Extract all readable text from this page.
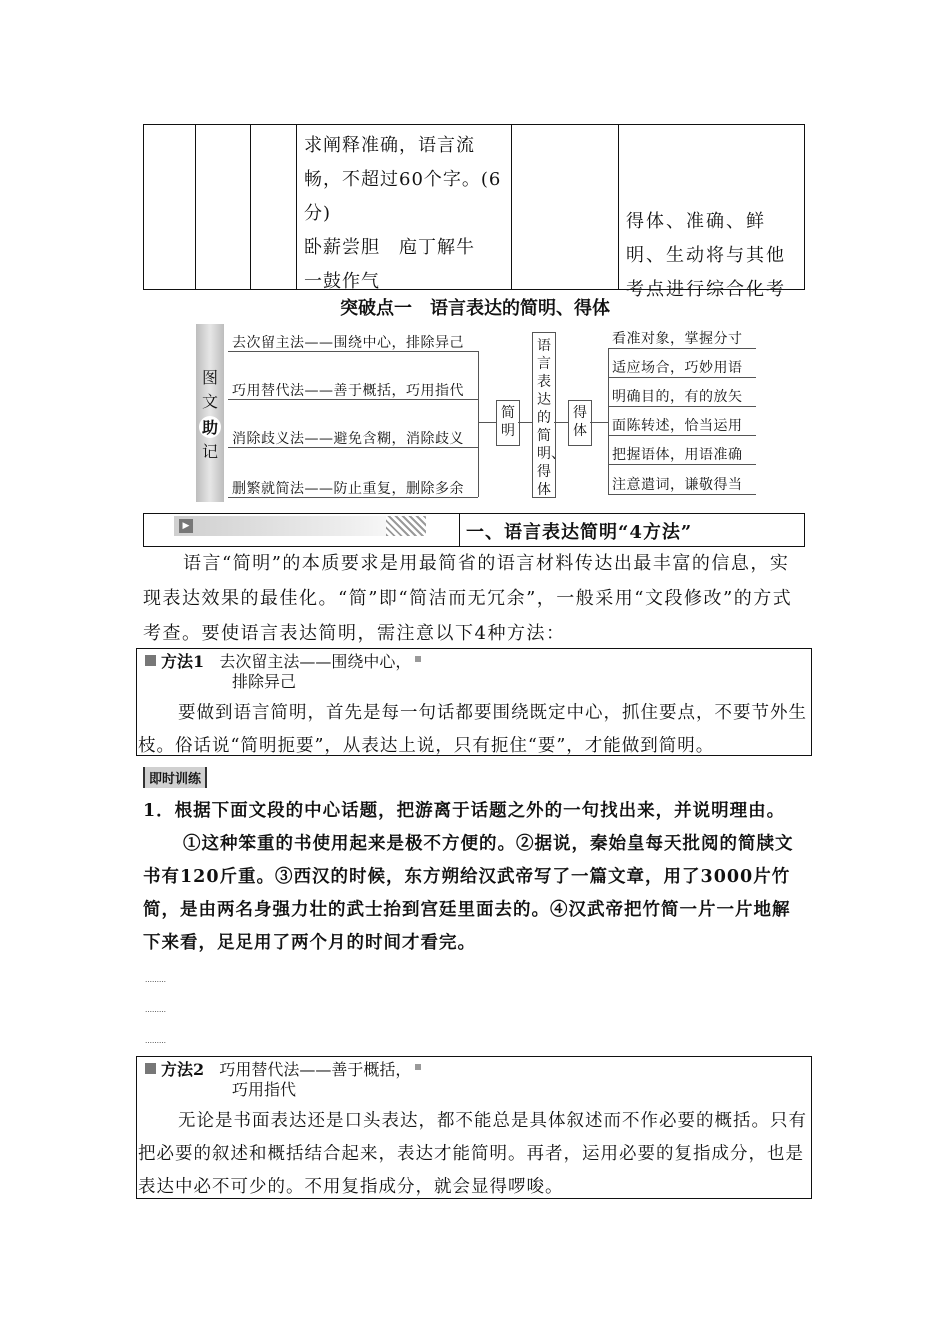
求阐释准确，语言流
畅，不超过60个字。(6
分)
卧薪尝胆　庖丁解牛
一鼓作气
得体、准确、鲜
明、生动将与其他
考点进行综合化考
突破点一　语言表达的简明、得体
图
文
助
记
去次留主法——围绕中心，排除异己
巧用替代法——善于概括，巧用指代
消除歧义法——避免含糊，消除歧义
删繁就简法——防止重复，删除多余
简明
语言表达的简明、得体
得体
看准对象，掌握分寸
适应场合，巧妙用语
明确目的，有的放矢
面陈转述，恰当运用
把握语体，用语准确
注意遣词，谦敬得当
▶	一、语言表达简明“4方法”
语言“简明”的本质要求是用最简省的语言材料传达出最丰富的信息，实现表达效果的最佳化。“简”即“简洁而无冗余”，一般采用“文段修改”的方式考查。要使语言表达简明，需注意以下4种方法：
方法1 去次留主法——围绕中心，
排除异己
要做到语言简明，首先是每一句话都要围绕既定中心，抓住要点，不要节外生枝。俗话说“简明扼要”，从表达上说，只有扼住“要”，才能做到简明。
即时训练
1．根据下面文段的中心话题，把游离于话题之外的一句找出来，并说明理由。
①这种笨重的书使用起来是极不方便的。②据说，秦始皇每天批阅的简牍文书有120斤重。③西汉的时候，东方朔给汉武帝写了一篇文章，用了3000片竹简，是由两名身强力壮的武士抬到宫廷里面去的。④汉武帝把竹简一片一片地解下来看，足足用了两个月的时间才看完。
………
………
………
方法2 巧用替代法——善于概括，
巧用指代
无论是书面表达还是口头表达，都不能总是具体叙述而不作必要的概括。只有把必要的叙述和概括结合起来，表达才能简明。再者，运用必要的复指成分，也是表达中必不可少的。不用复指成分，就会显得啰唆。
